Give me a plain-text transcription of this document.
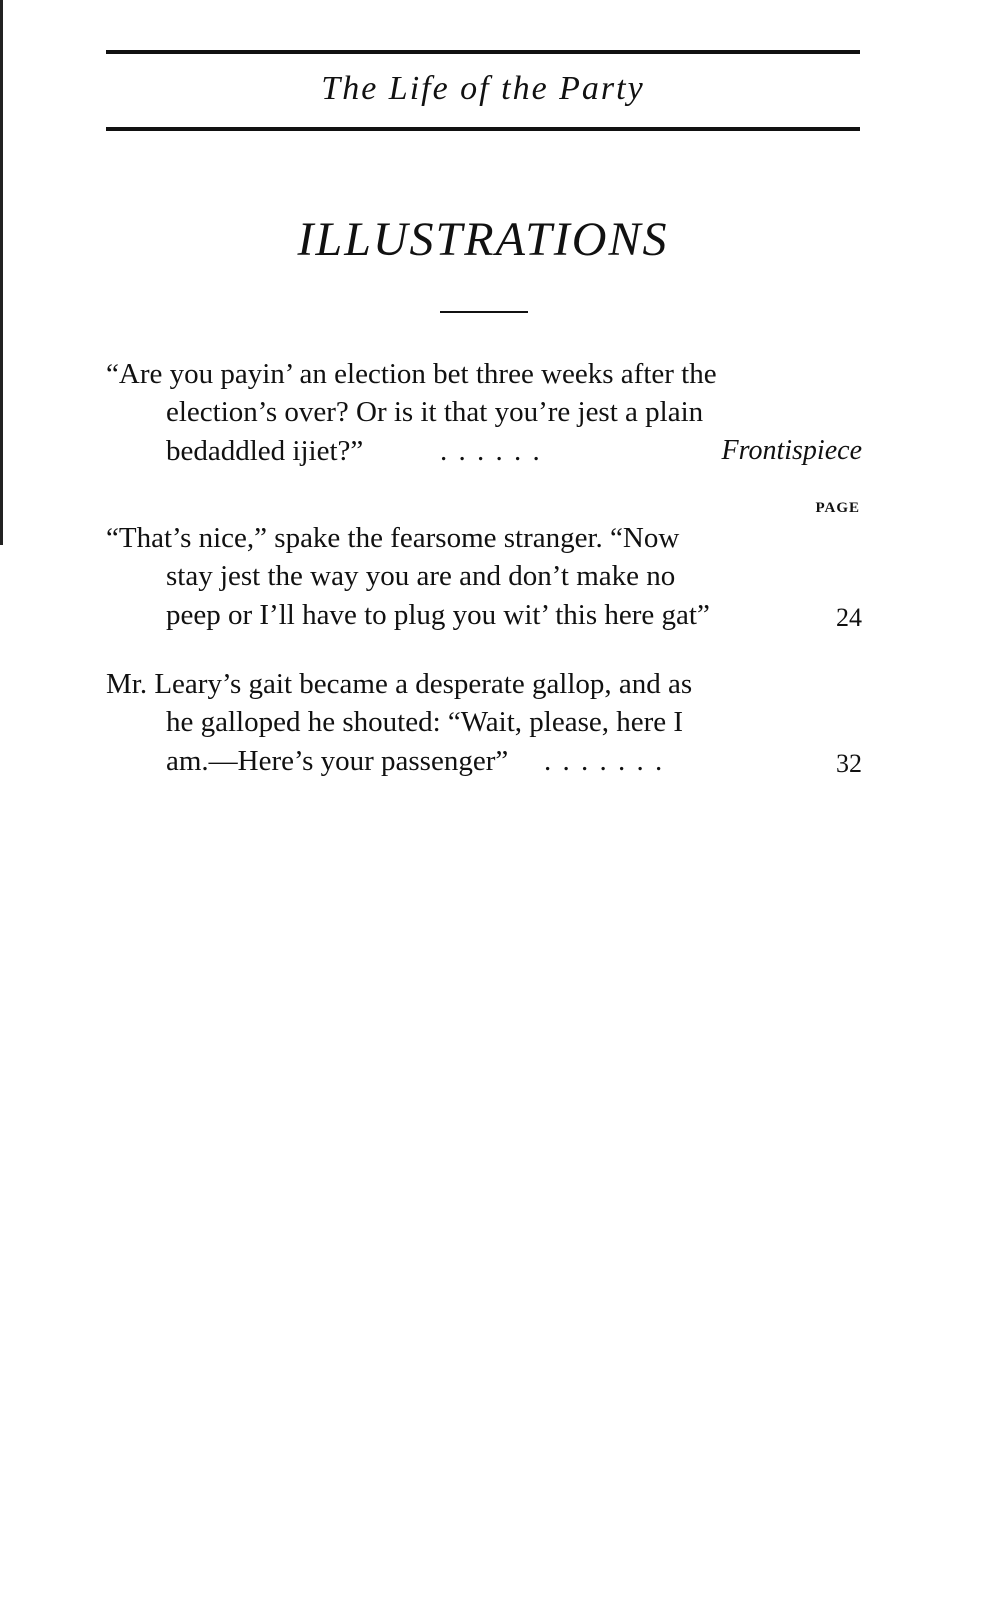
The Life of the Party
ILLUSTRATIONS
“Are you payin’ an election bet three weeks after the
election’s over? Or is it that you’re jest a plain
bedaddled ijiet?”	. . . . . .	Frontispiece
PAGE
“That’s nice,” spake the fearsome stranger. “Now
stay jest the way you are and don’t make no
peep or I’ll have to plug you wit’ this here gat”	24
Mr. Leary’s gait became a desperate gallop, and as
he galloped he shouted: “Wait, please, here I
am.—Here’s your passenger” . . . . . . .	32
